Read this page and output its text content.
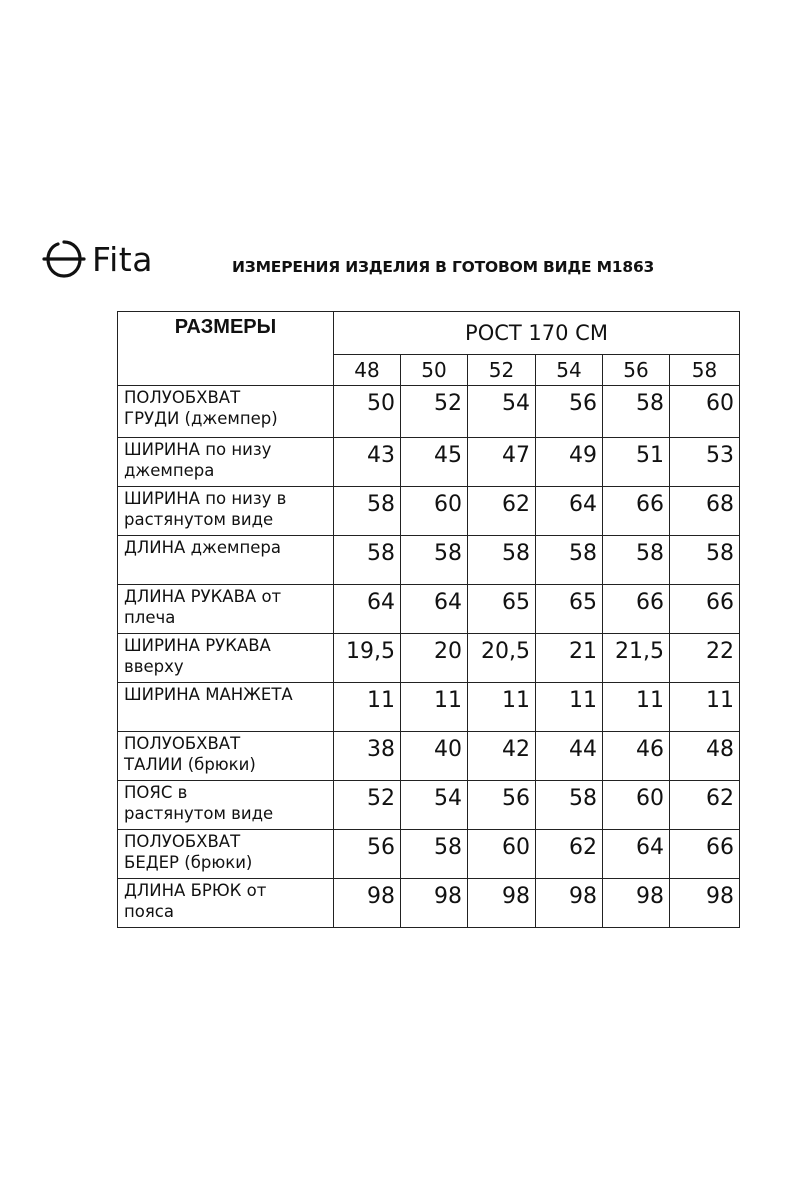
Fita	ИЗМЕРЕНИЯ ИЗДЕЛИЯ В ГОТОВОМ ВИДЕ М1863
РАЗМЕРЫ	РОСТ 170 СМ					
	48	50	52	54	56	58

ПОЛУОБХВАТ
ГРУДИ (джемпер)	50	52	54	56	58	60

ШИРИНА по низу
джемпера	43	45	47	49	51	53

ШИРИНА по низу в
растянутом виде	58	60	62	64	66	68

ДЛИНА джемпера	58	58	58	58	58	58

ДЛИНА РУКАВА от
плеча	64	64	65	65	66	66

ШИРИНА РУКАВА
вверху	19,5	20	20,5	21	21,5	22

ШИРИНА МАНЖЕТА	11	11	11	11	11	11

ПОЛУОБХВАТ
ТАЛИИ (брюки)	38	40	42	44	46	48

ПОЯС в
растянутом виде	52	54	56	58	60	62

ПОЛУОБХВАТ
БЕДЕР (брюки)	56	58	60	62	64	66

ДЛИНА БРЮК от
пояса	98	98	98	98	98	98
